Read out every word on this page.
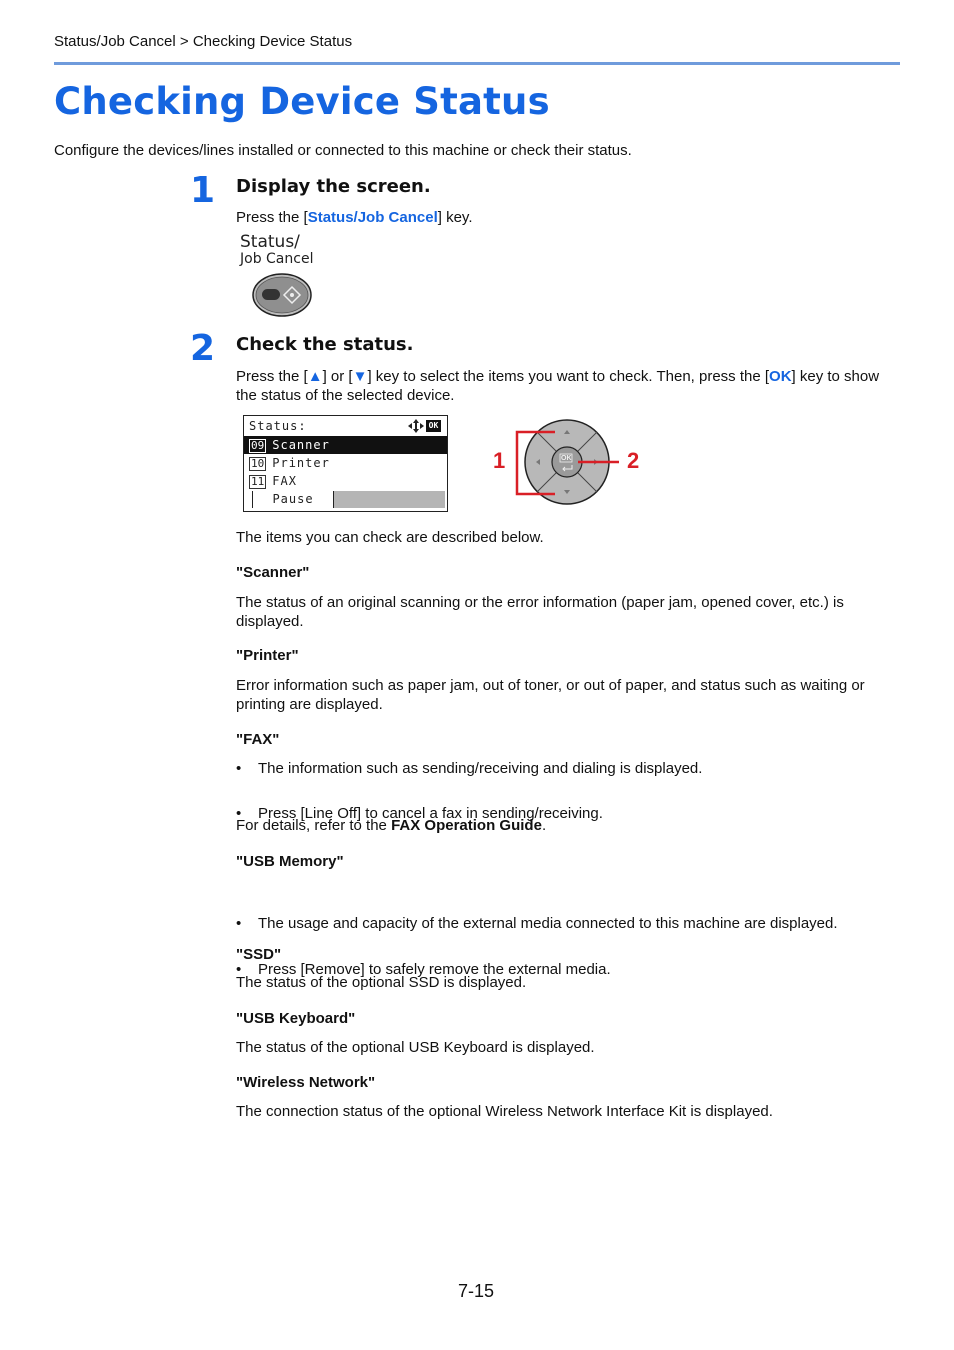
Status/Job Cancel > Checking Device Status
Checking Device Status
Configure the devices/lines installed or connected to this machine or check their status.
1 Display the screen.
Press the [Status/Job Cancel] key.
Status/
Job Cancel
2 Check the status.
Press the [▲] or [▼] key to select the items you want to check. Then, press the [OK] key to show the status of the selected device.
Status:	OK
09 Scanner
10 Printer
11 FAX
Pause
OK
1	2
The items you can check are described below.
"Scanner"

The status of an original scanning or the error information (paper jam, opened cover, etc.) is displayed.

"Printer"

Error information such as paper jam, out of toner, or out of paper, and status such as waiting or printing are displayed.

"FAX"
• The information such as sending/receiving and dialing is displayed.
• Press [Line Off] to cancel a fax in sending/receiving.
For details, refer to the FAX Operation Guide.
"USB Memory"
• The usage and capacity of the external media connected to this machine are displayed.
• Press [Remove] to safely remove the external media.
"SSD"
The status of the optional SSD is displayed.
"USB Keyboard"
The status of the optional USB Keyboard is displayed.
"Wireless Network"
The connection status of the optional Wireless Network Interface Kit is displayed.
7-15
